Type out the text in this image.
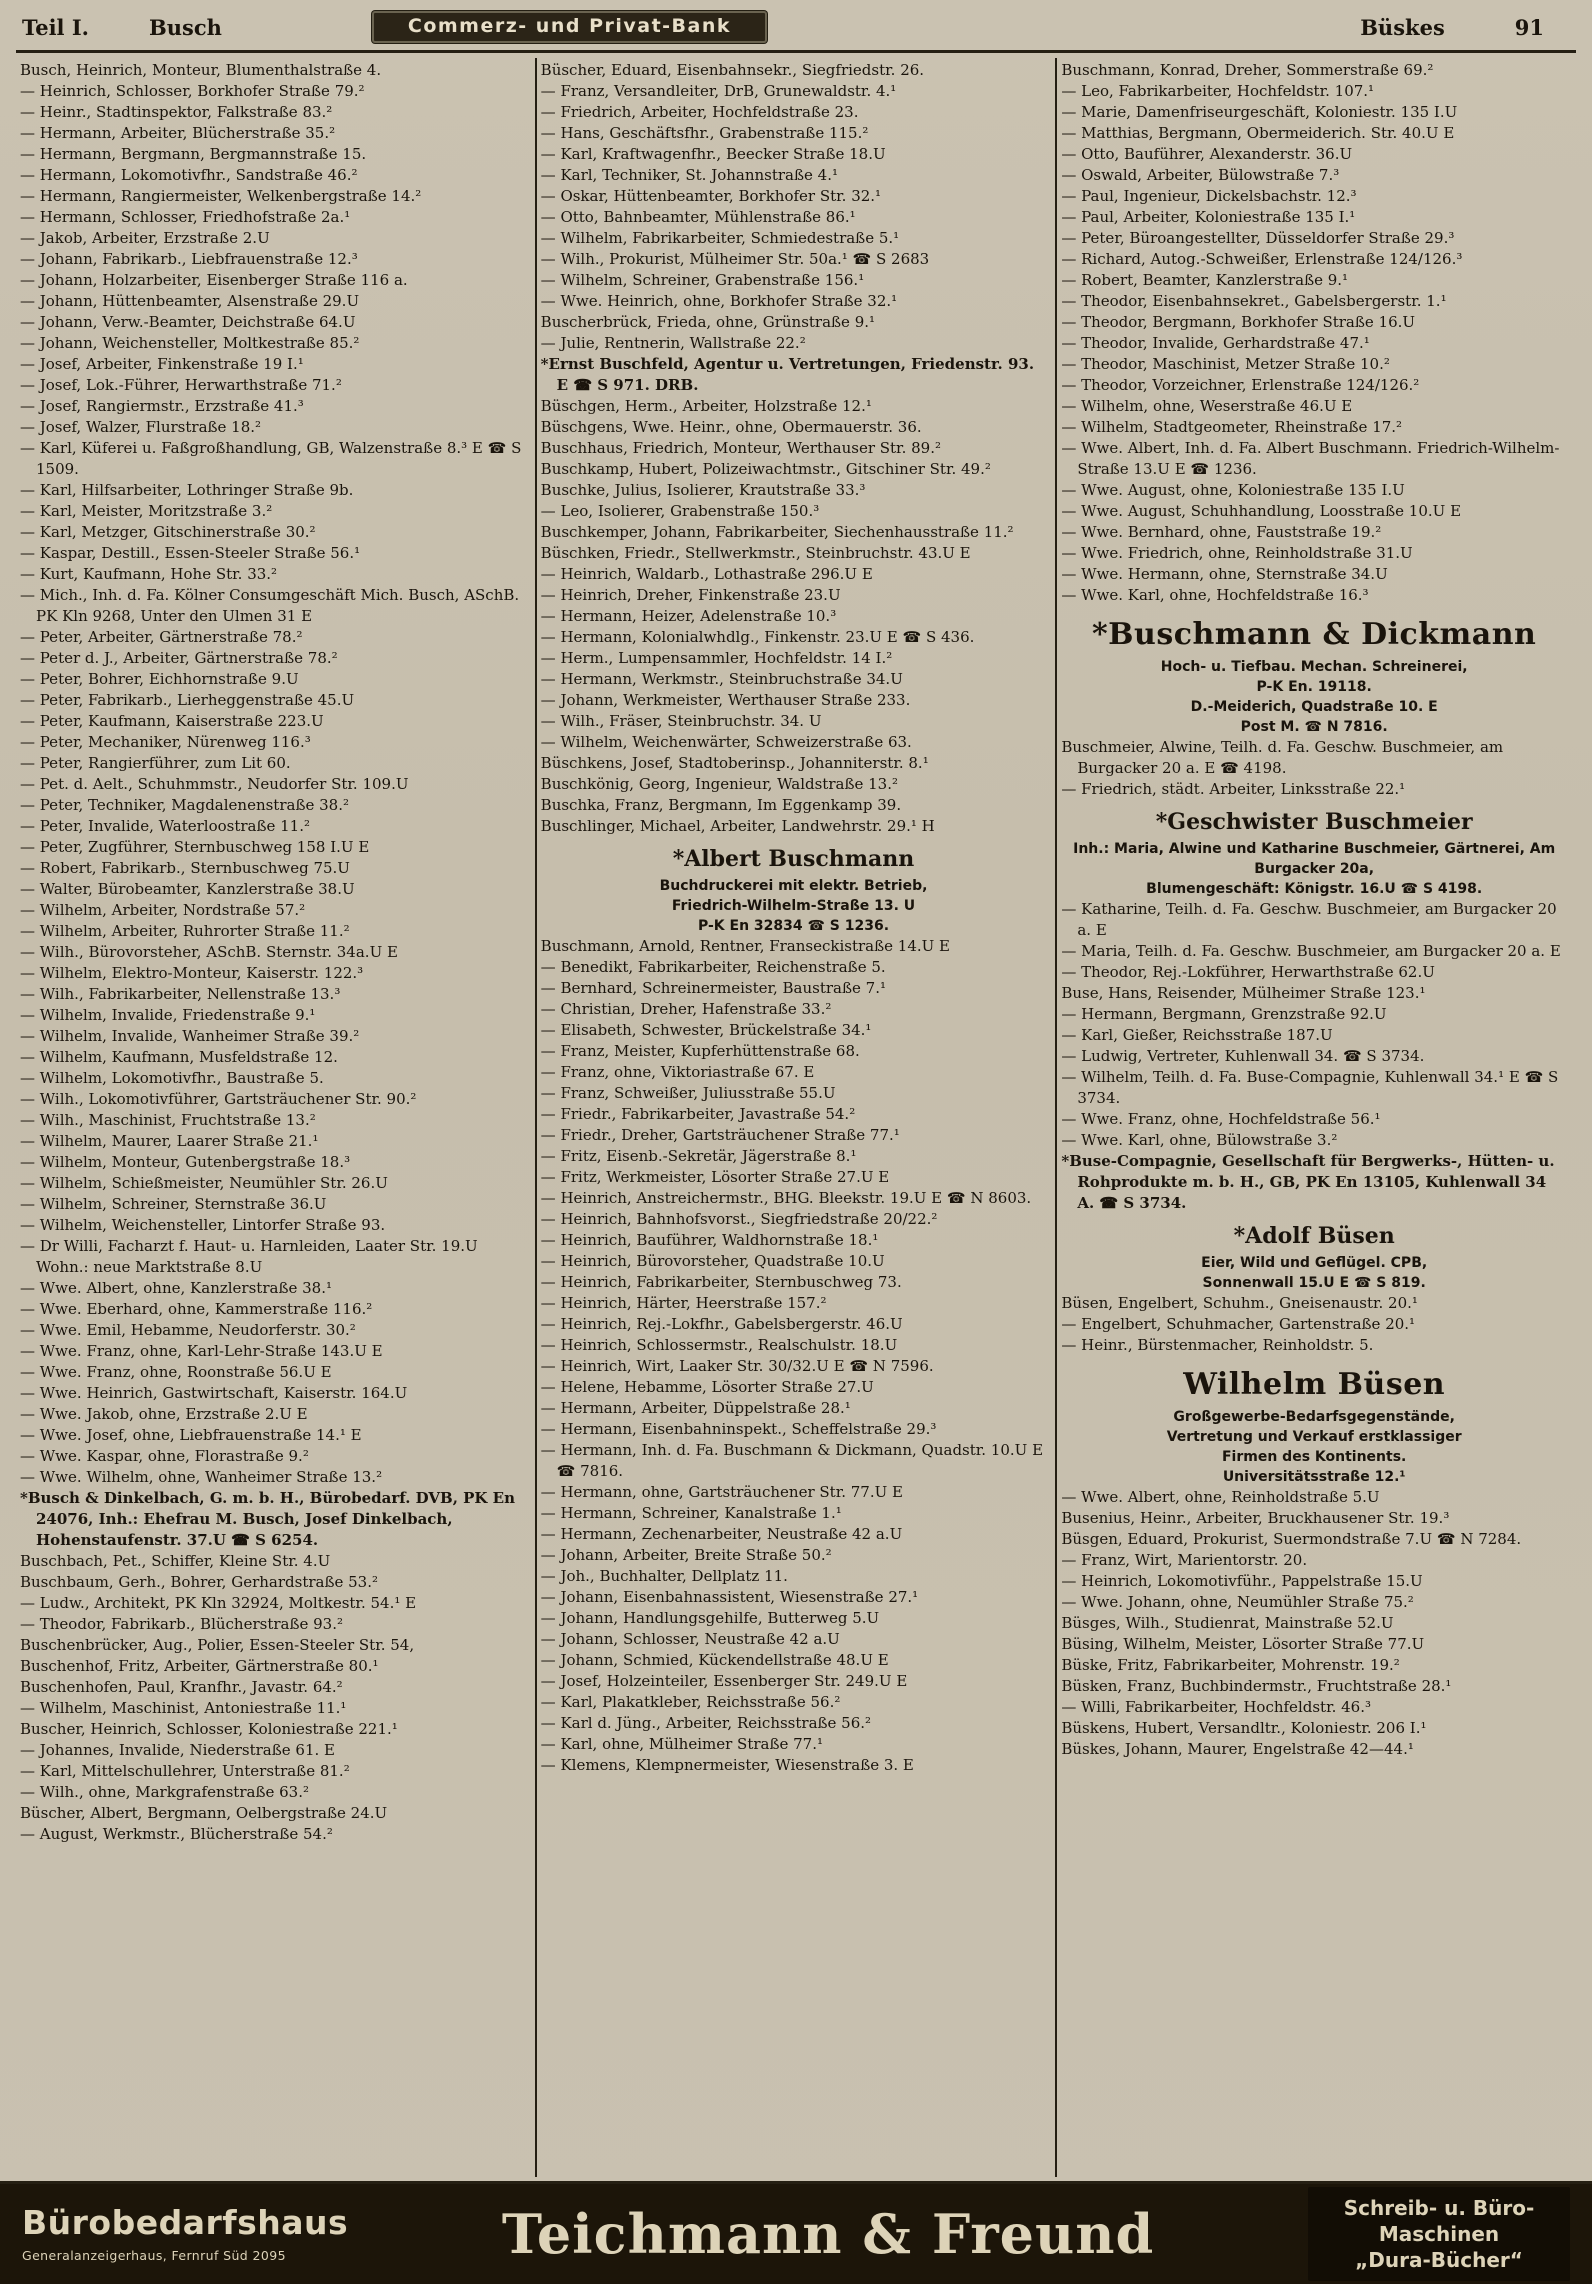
Teil I.	Busch	Commerz- und Privat-Bank	Büskes	91
Busch, Heinrich, Monteur, Blumenthalstraße 4.
— Heinrich, Schlosser, Borkhofer Straße 79.²
— Heinr., Stadtinspektor, Falkstraße 83.²
— Hermann, Arbeiter, Blücherstraße 35.²
— Hermann, Bergmann, Bergmannstraße 15.
— Hermann, Lokomotivfhr., Sandstraße 46.²
— Hermann, Rangiermeister, Welkenbergstraße 14.²
— Hermann, Schlosser, Friedhofstraße 2a.¹
— Jakob, Arbeiter, Erzstraße 2.U
— Johann, Fabrikarb., Liebfrauenstraße 12.³
— Johann, Holzarbeiter, Eisenberger Straße 116 a.
— Johann, Hüttenbeamter, Alsenstraße 29.U
— Johann, Verw.-Beamter, Deichstraße 64.U
— Johann, Weichensteller, Moltkestraße 85.²
— Josef, Arbeiter, Finkenstraße 19 I.¹
— Josef, Lok.-Führer, Herwarthstraße 71.²
— Josef, Rangiermstr., Erzstraße 41.³
— Josef, Walzer, Flurstraße 18.²
— Karl, Küferei u. Faßgroßhandlung, GB, Walzenstraße 8.³ E ☎ S 1509.
— Karl, Hilfsarbeiter, Lothringer Straße 9b.
— Karl, Meister, Moritzstraße 3.²
— Karl, Metzger, Gitschinerstraße 30.²
— Kaspar, Destill., Essen-Steeler Straße 56.¹
— Kurt, Kaufmann, Hohe Str. 33.²
— Mich., Inh. d. Fa. Kölner Consumgeschäft Mich. Busch, ASchB. PK Kln 9268, Unter den Ulmen 31 E
— Peter, Arbeiter, Gärtnerstraße 78.²
— Peter d. J., Arbeiter, Gärtnerstraße 78.²
— Peter, Bohrer, Eichhornstraße 9.U
— Peter, Fabrikarb., Lierheggenstraße 45.U
— Peter, Kaufmann, Kaiserstraße 223.U
— Peter, Mechaniker, Nürenweg 116.³
— Peter, Rangierführer, zum Lit 60.
— Pet. d. Aelt., Schuhmmstr., Neudorfer Str. 109.U
— Peter, Techniker, Magdalenenstraße 38.²
— Peter, Invalide, Waterloostraße 11.²
— Peter, Zugführer, Sternbuschweg 158 I.U E
— Robert, Fabrikarb., Sternbuschweg 75.U
— Walter, Bürobeamter, Kanzlerstraße 38.U
— Wilhelm, Arbeiter, Nordstraße 57.²
— Wilhelm, Arbeiter, Ruhrorter Straße 11.²
— Wilh., Bürovorsteher, ASchB. Sternstr. 34a.U E
— Wilhelm, Elektro-Monteur, Kaiserstr. 122.³
— Wilh., Fabrikarbeiter, Nellenstraße 13.³
— Wilhelm, Invalide, Friedenstraße 9.¹
— Wilhelm, Invalide, Wanheimer Straße 39.²
— Wilhelm, Kaufmann, Musfeldstraße 12.
— Wilhelm, Lokomotivfhr., Baustraße 5.
— Wilh., Lokomotivführer, Gartsträuchener Str. 90.²
— Wilh., Maschinist, Fruchtstraße 13.²
— Wilhelm, Maurer, Laarer Straße 21.¹
— Wilhelm, Monteur, Gutenbergstraße 18.³
— Wilhelm, Schießmeister, Neumühler Str. 26.U
— Wilhelm, Schreiner, Sternstraße 36.U
— Wilhelm, Weichensteller, Lintorfer Straße 93.
— Dr Willi, Facharzt f. Haut- u. Harnleiden, Laater Str. 19.U Wohn.: neue Marktstraße 8.U
— Wwe. Albert, ohne, Kanzlerstraße 38.¹
— Wwe. Eberhard, ohne, Kammerstraße 116.²
— Wwe. Emil, Hebamme, Neudorferstr. 30.²
— Wwe. Franz, ohne, Karl-Lehr-Straße 143.U E
— Wwe. Franz, ohne, Roonstraße 56.U E
— Wwe. Heinrich, Gastwirtschaft, Kaiserstr. 164.U
— Wwe. Jakob, ohne, Erzstraße 2.U E
— Wwe. Josef, ohne, Liebfrauenstraße 14.¹ E
— Wwe. Kaspar, ohne, Florastraße 9.²
— Wwe. Wilhelm, ohne, Wanheimer Straße 13.²
*Busch & Dinkelbach, G. m. b. H., Bürobedarf. DVB, PK En 24076, Inh.: Ehefrau M. Busch, Josef Dinkelbach, Hohenstaufenstr. 37.U ☎ S 6254.
Buschbach, Pet., Schiffer, Kleine Str. 4.U
Buschbaum, Gerh., Bohrer, Gerhardstraße 53.²
— Ludw., Architekt, PK Kln 32924, Moltkestr. 54.¹ E
— Theodor, Fabrikarb., Blücherstraße 93.²
Buschenbrücker, Aug., Polier, Essen-Steeler Str. 54,
Buschenhof, Fritz, Arbeiter, Gärtnerstraße 80.¹
Buschenhofen, Paul, Kranfhr., Javastr. 64.²
— Wilhelm, Maschinist, Antoniestraße 11.¹
Buscher, Heinrich, Schlosser, Koloniestraße 221.¹
— Johannes, Invalide, Niederstraße 61. E
— Karl, Mittelschullehrer, Unterstraße 81.²
— Wilh., ohne, Markgrafenstraße 63.²
Büscher, Albert, Bergmann, Oelbergstraße 24.U
— August, Werkmstr., Blücherstraße 54.²
Büscher, Eduard, Eisenbahnsekr., Siegfriedstr. 26.
— Franz, Versandleiter, DrB, Grunewaldstr. 4.¹
— Friedrich, Arbeiter, Hochfeldstraße 23.
— Hans, Geschäftsfhr., Grabenstraße 115.²
— Karl, Kraftwagenfhr., Beecker Straße 18.U
— Karl, Techniker, St. Johannstraße 4.¹
— Oskar, Hüttenbeamter, Borkhofer Str. 32.¹
— Otto, Bahnbeamter, Mühlenstraße 86.¹
— Wilhelm, Fabrikarbeiter, Schmiedestraße 5.¹
— Wilh., Prokurist, Mülheimer Str. 50a.¹ ☎ S 2683
— Wilhelm, Schreiner, Grabenstraße 156.¹
— Wwe. Heinrich, ohne, Borkhofer Straße 32.¹
Buscherbrück, Frieda, ohne, Grünstraße 9.¹
— Julie, Rentnerin, Wallstraße 22.²
*Ernst Buschfeld, Agentur u. Vertretungen, Friedenstr. 93. E ☎ S 971. DRB.
Büschgen, Herm., Arbeiter, Holzstraße 12.¹
Büschgens, Wwe. Heinr., ohne, Obermauerstr. 36.
Buschhaus, Friedrich, Monteur, Werthauser Str. 89.²
Buschkamp, Hubert, Polizeiwachtmstr., Gitschiner Str. 49.²
Buschke, Julius, Isolierer, Krautstraße 33.³
— Leo, Isolierer, Grabenstraße 150.³
Buschkemper, Johann, Fabrikarbeiter, Siechenhausstraße 11.²
Büschken, Friedr., Stellwerkmstr., Steinbruchstr. 43.U E
— Heinrich, Waldarb., Lothastraße 296.U E
— Heinrich, Dreher, Finkenstraße 23.U
— Hermann, Heizer, Adelenstraße 10.³
— Hermann, Kolonialwhdlg., Finkenstr. 23.U E ☎ S 436.
— Herm., Lumpensammler, Hochfeldstr. 14 I.²
— Hermann, Werkmstr., Steinbruchstraße 34.U
— Johann, Werkmeister, Werthauser Straße 233.
— Wilh., Fräser, Steinbruchstr. 34. U
— Wilhelm, Weichenwärter, Schweizerstraße 63.
Büschkens, Josef, Stadtoberinsp., Johanniterstr. 8.¹
Buschkönig, Georg, Ingenieur, Waldstraße 13.²
Buschka, Franz, Bergmann, Im Eggenkamp 39.
Buschlinger, Michael, Arbeiter, Landwehrstr. 29.¹ H
*Albert Buschmann
Buchdruckerei mit elektr. Betrieb,
Friedrich-Wilhelm-Straße 13. U
P-K En 32834 ☎ S 1236.
Buschmann, Arnold, Rentner, Franseckistraße 14.U E
— Benedikt, Fabrikarbeiter, Reichenstraße 5.
— Bernhard, Schreinermeister, Baustraße 7.¹
— Christian, Dreher, Hafenstraße 33.²
— Elisabeth, Schwester, Brückelstraße 34.¹
— Franz, Meister, Kupferhüttenstraße 68.
— Franz, ohne, Viktoriastraße 67. E
— Franz, Schweißer, Juliusstraße 55.U
— Friedr., Fabrikarbeiter, Javastraße 54.²
— Friedr., Dreher, Gartsträuchener Straße 77.¹
— Fritz, Eisenb.-Sekretär, Jägerstraße 8.¹
— Fritz, Werkmeister, Lösorter Straße 27.U E
— Heinrich, Anstreichermstr., BHG. Bleekstr. 19.U E ☎ N 8603.
— Heinrich, Bahnhofsvorst., Siegfriedstraße 20/22.²
— Heinrich, Bauführer, Waldhornstraße 18.¹
— Heinrich, Bürovorsteher, Quadstraße 10.U
— Heinrich, Fabrikarbeiter, Sternbuschweg 73.
— Heinrich, Härter, Heerstraße 157.²
— Heinrich, Rej.-Lokfhr., Gabelsbergerstr. 46.U
— Heinrich, Schlossermstr., Realschulstr. 18.U
— Heinrich, Wirt, Laaker Str. 30/32.U E ☎ N 7596.
— Helene, Hebamme, Lösorter Straße 27.U
— Hermann, Arbeiter, Düppelstraße 28.¹
— Hermann, Eisenbahninspekt., Scheffelstraße 29.³
— Hermann, Inh. d. Fa. Buschmann & Dickmann, Quadstr. 10.U E ☎ 7816.
— Hermann, ohne, Gartsträuchener Str. 77.U E
— Hermann, Schreiner, Kanalstraße 1.¹
— Hermann, Zechenarbeiter, Neustraße 42 a.U
— Johann, Arbeiter, Breite Straße 50.²
— Joh., Buchhalter, Dellplatz 11.
— Johann, Eisenbahnassistent, Wiesenstraße 27.¹
— Johann, Handlungsgehilfe, Butterweg 5.U
— Johann, Schlosser, Neustraße 42 a.U
— Johann, Schmied, Kückendellstraße 48.U E
— Josef, Holzeinteiler, Essenberger Str. 249.U E
— Karl, Plakatkleber, Reichsstraße 56.²
— Karl d. Jüng., Arbeiter, Reichsstraße 56.²
— Karl, ohne, Mülheimer Straße 77.¹
— Klemens, Klempnermeister, Wiesenstraße 3. E
Buschmann, Konrad, Dreher, Sommerstraße 69.²
— Leo, Fabrikarbeiter, Hochfeldstr. 107.¹
— Marie, Damenfriseurgeschäft, Koloniestr. 135 I.U
— Matthias, Bergmann, Obermeiderich. Str. 40.U E
— Otto, Bauführer, Alexanderstr. 36.U
— Oswald, Arbeiter, Bülowstraße 7.³
— Paul, Ingenieur, Dickelsbachstr. 12.³
— Paul, Arbeiter, Koloniestraße 135 I.¹
— Peter, Büroangestellter, Düsseldorfer Straße 29.³
— Richard, Autog.-Schweißer, Erlenstraße 124/126.³
— Robert, Beamter, Kanzlerstraße 9.¹
— Theodor, Eisenbahnsekret., Gabelsbergerstr. 1.¹
— Theodor, Bergmann, Borkhofer Straße 16.U
— Theodor, Invalide, Gerhardstraße 47.¹
— Theodor, Maschinist, Metzer Straße 10.²
— Theodor, Vorzeichner, Erlenstraße 124/126.²
— Wilhelm, ohne, Weserstraße 46.U E
— Wilhelm, Stadtgeometer, Rheinstraße 17.²
— Wwe. Albert, Inh. d. Fa. Albert Buschmann. Friedrich-Wilhelm-Straße 13.U E ☎ 1236.
— Wwe. August, ohne, Koloniestraße 135 I.U
— Wwe. August, Schuhhandlung, Loosstraße 10.U E
— Wwe. Bernhard, ohne, Fauststraße 19.²
— Wwe. Friedrich, ohne, Reinholdstraße 31.U
— Wwe. Hermann, ohne, Sternstraße 34.U
— Wwe. Karl, ohne, Hochfeldstraße 16.³
*Buschmann & Dickmann
Hoch- u. Tiefbau. Mechan. Schreinerei,
P-K En. 19118.
D.-Meiderich, Quadstraße 10. E
Post M. ☎ N 7816.
Buschmeier, Alwine, Teilh. d. Fa. Geschw. Buschmeier, am Burgacker 20 a. E ☎ 4198.
— Friedrich, städt. Arbeiter, Linksstraße 22.¹
*Geschwister Buschmeier
Inh.: Maria, Alwine und Katharine Buschmeier, Gärtnerei, Am Burgacker 20a,
Blumengeschäft: Königstr. 16.U ☎ S 4198.
— Katharine, Teilh. d. Fa. Geschw. Buschmeier, am Burgacker 20 a. E
— Maria, Teilh. d. Fa. Geschw. Buschmeier, am Burgacker 20 a. E
— Theodor, Rej.-Lokführer, Herwarthstraße 62.U
Buse, Hans, Reisender, Mülheimer Straße 123.¹
— Hermann, Bergmann, Grenzstraße 92.U
— Karl, Gießer, Reichsstraße 187.U
— Ludwig, Vertreter, Kuhlenwall 34. ☎ S 3734.
— Wilhelm, Teilh. d. Fa. Buse-Compagnie, Kuhlenwall 34.¹ E ☎ S 3734.
— Wwe. Franz, ohne, Hochfeldstraße 56.¹
— Wwe. Karl, ohne, Bülowstraße 3.²
*Buse-Compagnie, Gesellschaft für Bergwerks-, Hütten- u. Rohprodukte m. b. H., GB, PK En 13105, Kuhlenwall 34 A. ☎ S 3734.
*Adolf Büsen
Eier, Wild und Geflügel. CPB,
Sonnenwall 15.U E ☎ S 819.
Büsen, Engelbert, Schuhm., Gneisenaustr. 20.¹
— Engelbert, Schuhmacher, Gartenstraße 20.¹
— Heinr., Bürstenmacher, Reinholdstr. 5.
Wilhelm Büsen
Großgewerbe-Bedarfsgegenstände,
Vertretung und Verkauf erstklassiger
Firmen des Kontinents.
Universitätsstraße 12.¹
— Wwe. Albert, ohne, Reinholdstraße 5.U
Busenius, Heinr., Arbeiter, Bruckhausener Str. 19.³
Büsgen, Eduard, Prokurist, Suermondstraße 7.U ☎ N 7284.
— Franz, Wirt, Marientorstr. 20.
— Heinrich, Lokomotivführ., Pappelstraße 15.U
— Wwe. Johann, ohne, Neumühler Straße 75.²
Büsges, Wilh., Studienrat, Mainstraße 52.U
Büsing, Wilhelm, Meister, Lösorter Straße 77.U
Büske, Fritz, Fabrikarbeiter, Mohrenstr. 19.²
Büsken, Franz, Buchbindermstr., Fruchtstraße 28.¹
— Willi, Fabrikarbeiter, Hochfeldstr. 46.³
Büskens, Hubert, Versandltr., Koloniestr. 206 I.¹
Büskes, Johann, Maurer, Engelstraße 42—44.¹
Bürobedarfshaus
Generalanzeigerhaus, Fernruf Süd 2095	Teichmann & Freund	Schreib- u. Büro-
Maschinen
„Dura-Bücher“
